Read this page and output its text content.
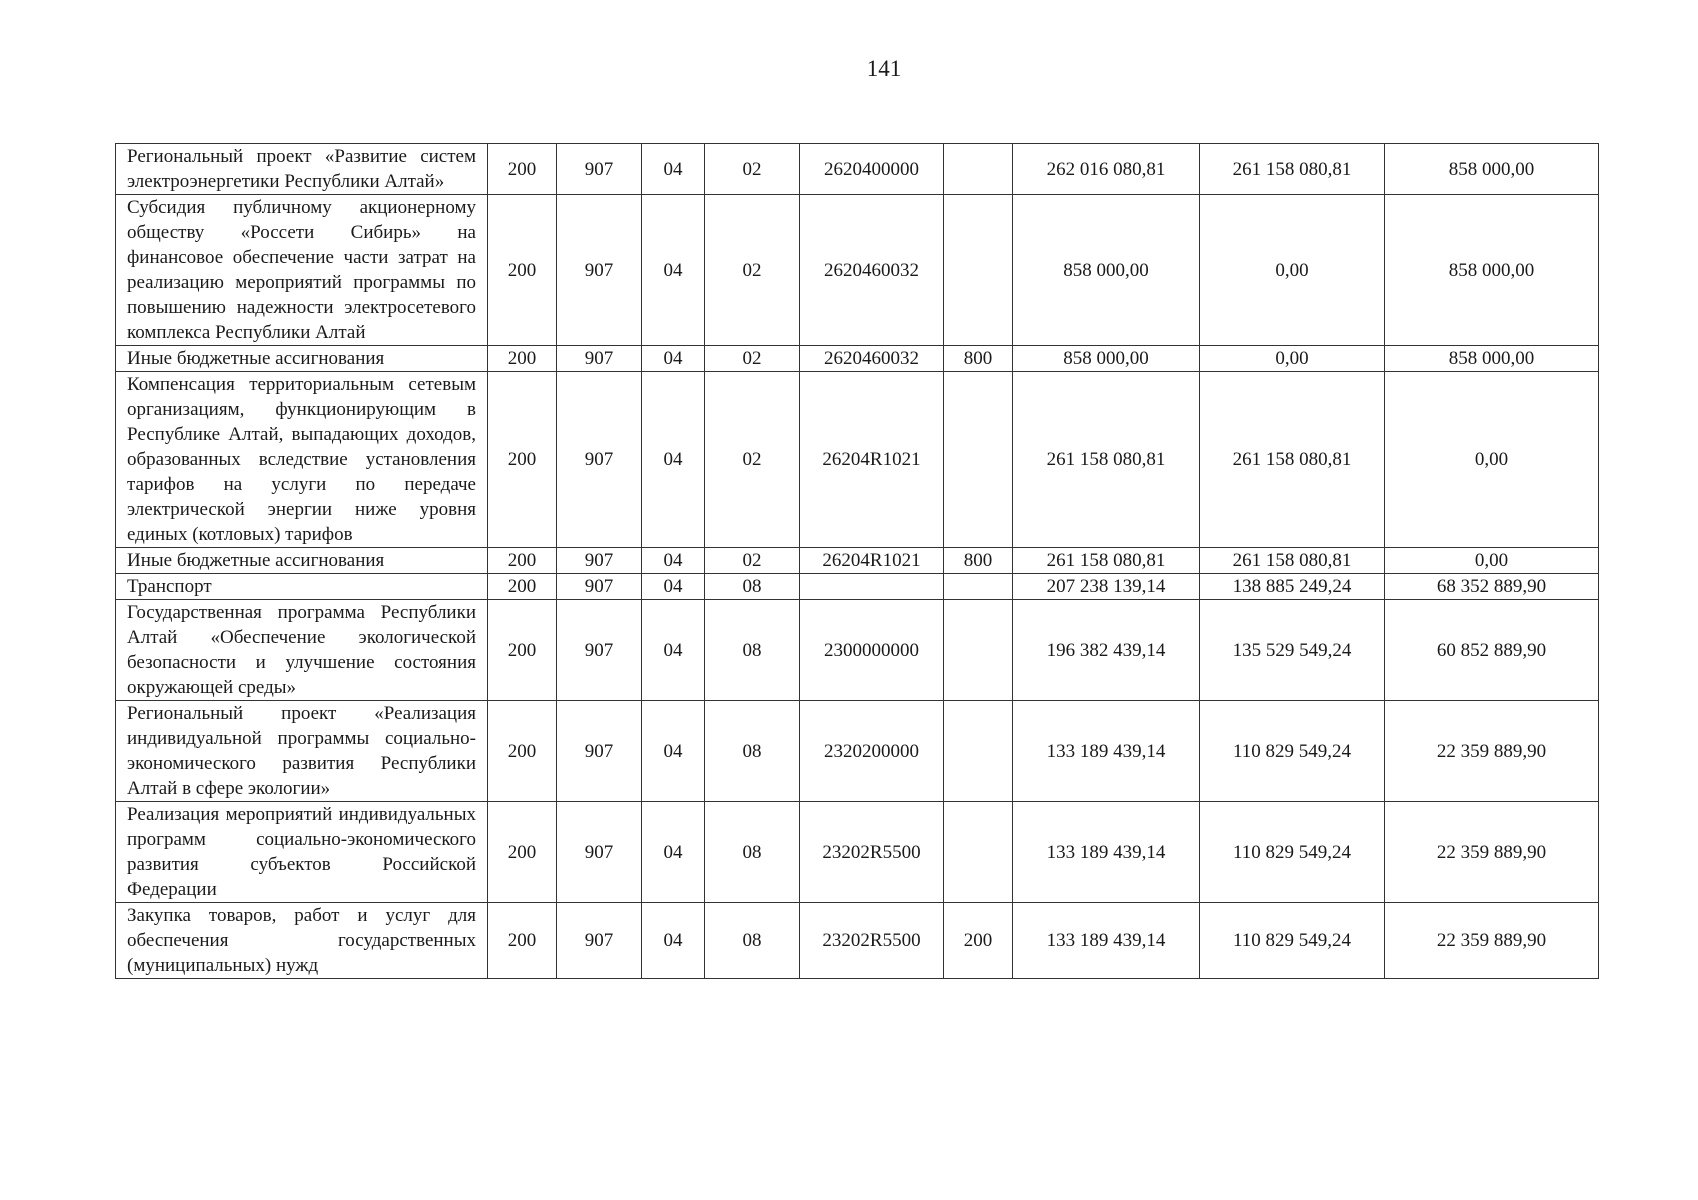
141
Региональный проект «Развитие систем электроэнергетики Республики Алтай»	200	907	04	02	2620400000		262 016 080,81	261 158 080,81	858 000,00
Субсидия публичному акционерному обществу «Россети Сибирь» на финансовое обеспечение части затрат на реализацию мероприятий программы по повышению надежности электросетевого комплекса Республики Алтай	200	907	04	02	2620460032		858 000,00	0,00	858 000,00
Иные бюджетные ассигнования	200	907	04	02	2620460032	800	858 000,00	0,00	858 000,00
Компенсация территориальным сетевым организациям, функционирующим в Республике Алтай, выпадающих доходов, образованных вследствие установления тарифов на услуги по передаче электрической энергии ниже уровня единых (котловых) тарифов	200	907	04	02	26204R1021		261 158 080,81	261 158 080,81	0,00
Иные бюджетные ассигнования	200	907	04	02	26204R1021	800	261 158 080,81	261 158 080,81	0,00
Транспорт	200	907	04	08			207 238 139,14	138 885 249,24	68 352 889,90
Государственная программа Республики Алтай «Обеспечение экологической безопасности и улучшение состояния окружающей среды»	200	907	04	08	2300000000		196 382 439,14	135 529 549,24	60 852 889,90
Региональный проект «Реализация индивидуальной программы социально-экономического развития Республики Алтай в сфере экологии»	200	907	04	08	2320200000		133 189 439,14	110 829 549,24	22 359 889,90
Реализация мероприятий индивидуальных программ социально-экономического развития субъектов Российской Федерации	200	907	04	08	23202R5500		133 189 439,14	110 829 549,24	22 359 889,90
Закупка товаров, работ и услуг для обеспечения государственных (муниципальных) нужд	200	907	04	08	23202R5500	200	133 189 439,14	110 829 549,24	22 359 889,90
